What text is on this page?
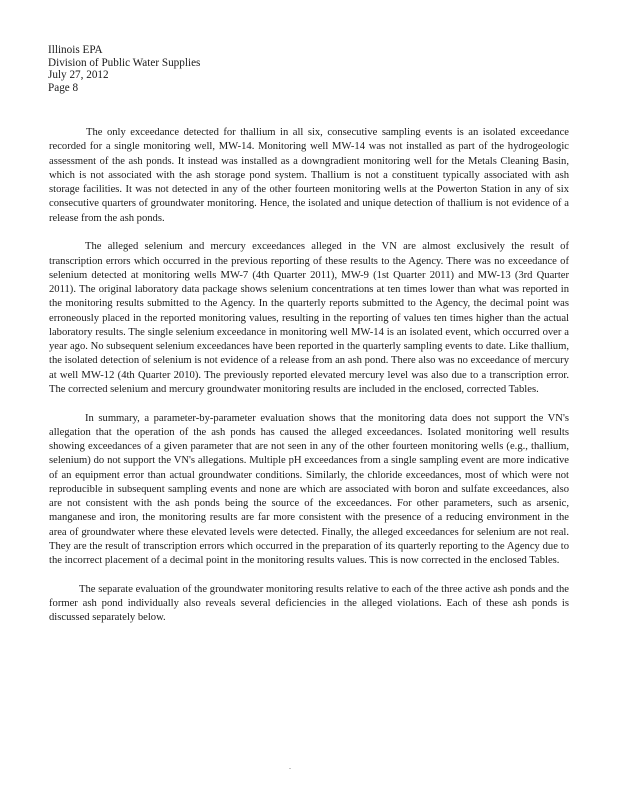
Illinois EPA
Division of Public Water Supplies
July 27, 2012
Page 8

The only exceedance detected for thallium in all six, consecutive sampling events is an isolated exceedance recorded for a single monitoring well, MW-14. Monitoring well MW-14 was not installed as part of the hydrogeologic assessment of the ash ponds. It instead was installed as a downgradient monitoring well for the Metals Cleaning Basin, which is not associated with the ash storage pond system. Thallium is not a constituent typically associated with ash storage facilities. It was not detected in any of the other fourteen monitoring wells at the Powerton Station in any of six consecutive quarters of groundwater monitoring. Hence, the isolated and unique detection of thallium is not evidence of a release from the ash ponds.

The alleged selenium and mercury exceedances alleged in the VN are almost exclusively the result of transcription errors which occurred in the previous reporting of these results to the Agency. There was no exceedance of selenium detected at monitoring wells MW-7 (4th Quarter 2011), MW-9 (1st Quarter 2011) and MW-13 (3rd Quarter 2011). The original laboratory data package shows selenium concentrations at ten times lower than what was reported in the monitoring results submitted to the Agency. In the quarterly reports submitted to the Agency, the decimal point was erroneously placed in the reported monitoring values, resulting in the reporting of values ten times higher than the actual laboratory results. The single selenium exceedance in monitoring well MW-14 is an isolated event, which occurred over a year ago. No subsequent selenium exceedances have been reported in the quarterly sampling events to date. Like thallium, the isolated detection of selenium is not evidence of a release from an ash pond. There also was no exceedance of mercury at well MW-12 (4th Quarter 2010). The previously reported elevated mercury level was also due to a transcription error. The corrected selenium and mercury groundwater monitoring results are included in the enclosed, corrected Tables.

In summary, a parameter-by-parameter evaluation shows that the monitoring data does not support the VN's allegation that the operation of the ash ponds has caused the alleged exceedances. Isolated monitoring well results showing exceedances of a given parameter that are not seen in any of the other fourteen monitoring wells (e.g., thallium, selenium) do not support the VN's allegations. Multiple pH exceedances from a single sampling event are more indicative of an equipment error than actual groundwater conditions. Similarly, the chloride exceedances, most of which were not reproducible in subsequent sampling events and none are which are associated with boron and sulfate exceedances, also are not consistent with the ash ponds being the source of the exceedances. For other parameters, such as arsenic, manganese and iron, the monitoring results are far more consistent with the presence of a reducing environment in the area of groundwater where these elevated levels were detected. Finally, the alleged exceedances for selenium are not real. They are the result of transcription errors which occurred in the preparation of its quarterly reporting to the Agency due to the incorrect placement of a decimal point in the monitoring results values. This is now corrected in the enclosed Tables.

The separate evaluation of the groundwater monitoring results relative to each of the three active ash ponds and the former ash pond individually also reveals several deficiencies in the alleged violations. Each of these ash ponds is discussed separately below.

.
